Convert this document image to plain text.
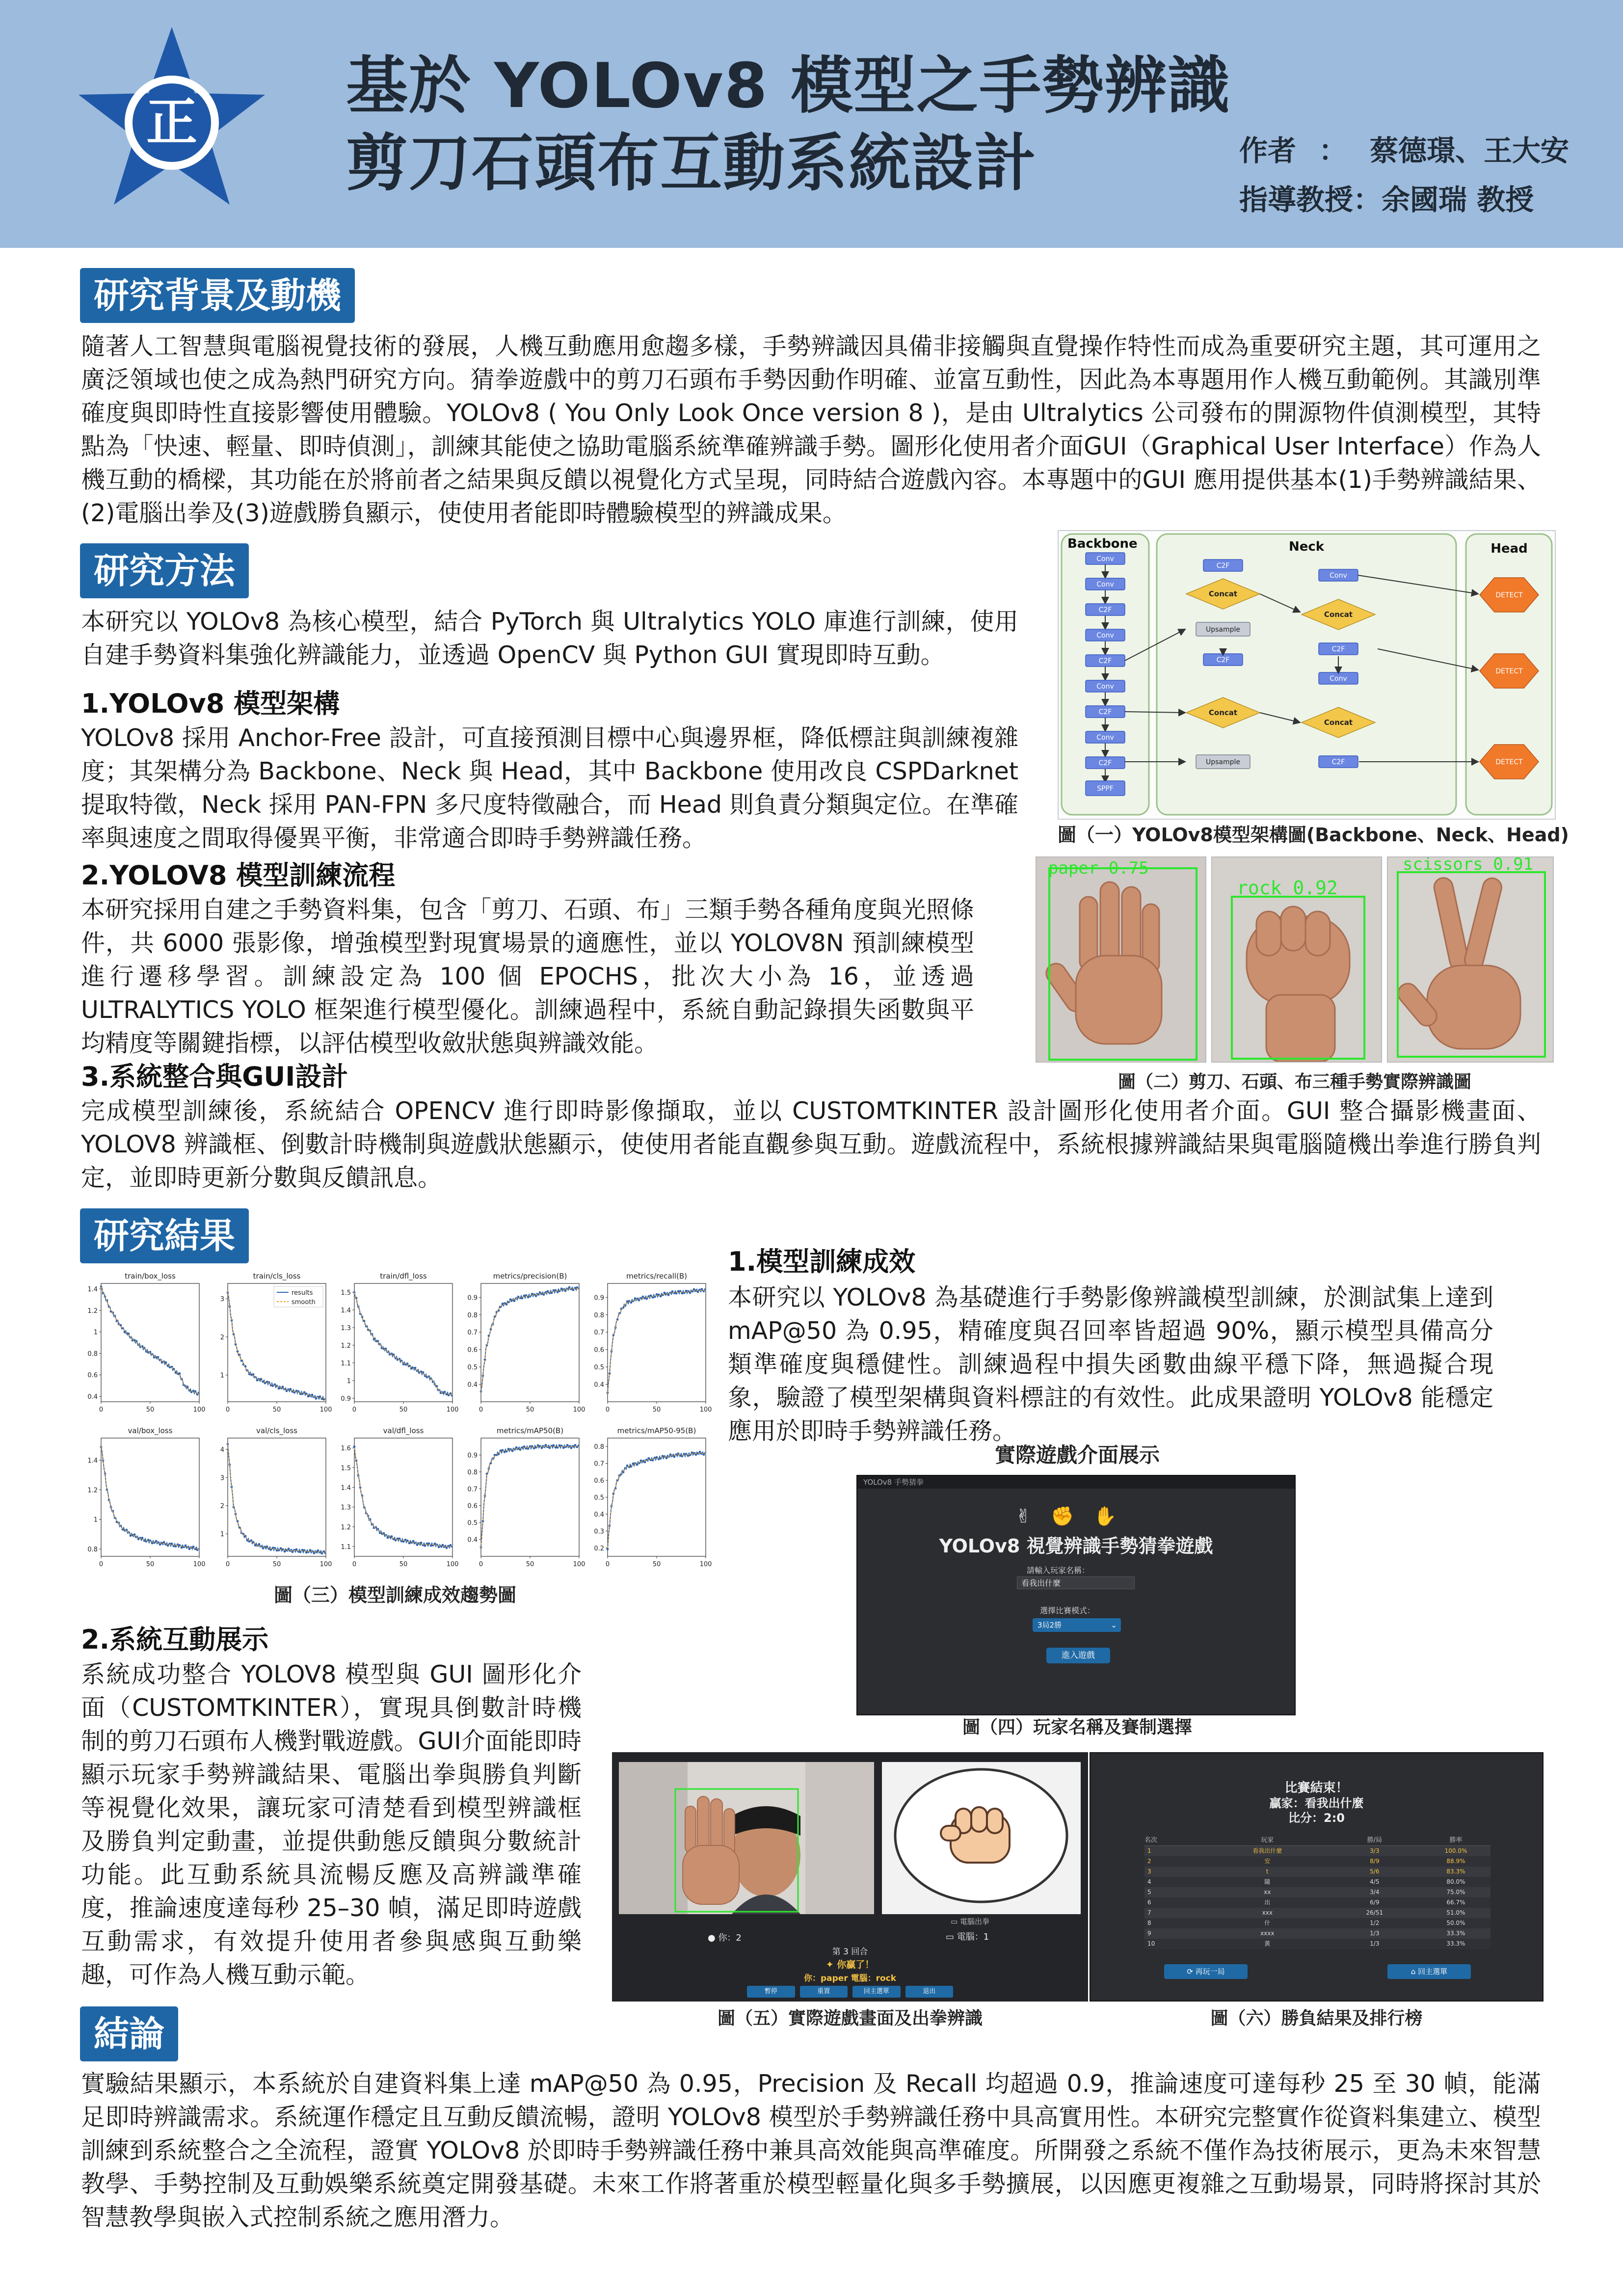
正
基於 YOLOv8 模型之手勢辨識
剪刀石頭布互動系統設計	作者 ： 蔡德璟、王大安
指導教授：余國瑞 教授
研究背景及動機
隨著人工智慧與電腦視覺技術的發展，人機互動應用愈趨多樣，手勢辨識因具備非接觸與直覺操作特性而成為重要研究主題，其可運用之廣泛領域也使之成為熱門研究方向。猜拳遊戲中的剪刀石頭布手勢因動作明確、並富互動性，因此為本專題用作人機互動範例。其識別準確度與即時性直接影響使用體驗。YOLOv8 ( You Only Look Once version 8 )，是由 Ultralytics 公司發布的開源物件偵測模型，其特點為「快速、輕量、即時偵測」，訓練其能使之協助電腦系統準確辨識手勢。圖形化使用者介面GUI（Graphical User Interface）作為人機互動的橋樑，其功能在於將前者之結果與反饋以視覺化方式呈現，同時結合遊戲內容。本專題中的GUI 應用提供基本(1)手勢辨識結果、(2)電腦出拳及(3)遊戲勝負顯示，使使用者能即時體驗模型的辨識成果。
研究方法
本研究以 YOLOv8 為核心模型，結合 PyTorch 與 Ultralytics YOLO 庫進行訓練，使用自建手勢資料集強化辨識能力，並透過 OpenCV 與 Python GUI 實現即時互動。
1.YOLOv8 模型架構
YOLOv8 採用 Anchor-Free 設計，可直接預測目標中心與邊界框，降低標註與訓練複雜度；其架構分為 Backbone、Neck 與 Head，其中 Backbone 使用改良 CSPDarknet 提取特徵，Neck 採用 PAN-FPN 多尺度特徵融合，而 Head 則負責分類與定位。在準確率與速度之間取得優異平衡，非常適合即時手勢辨識任務。
2.YOLOV8 模型訓練流程
本研究採用自建之手勢資料集，包含「剪刀、石頭、布」三類手勢各種角度與光照條件，共 6000 張影像，增強模型對現實場景的適應性，並以 YOLOV8N 預訓練模型進行遷移學習。訓練設定為 100 個 EPOCHS，批次大小為 16，並透過 ULTRALYTICS YOLO 框架進行模型優化。訓練過程中，系統自動記錄損失函數與平均精度等關鍵指標，以評估模型收斂狀態與辨識效能。
3.系統整合與GUI設計
完成模型訓練後，系統結合 OPENCV 進行即時影像擷取，並以 CUSTOMTKINTER 設計圖形化使用者介面。GUI 整合攝影機畫面、YOLOV8 辨識框、倒數計時機制與遊戲狀態顯示，使使用者能直觀參與互動。遊戲流程中，系統根據辨識結果與電腦隨機出拳進行勝負判定，並即時更新分數與反饋訊息。
Backbone	Neck	Head
Conv
Conv
C2F
Conv
C2F
Conv
C2F
Conv
C2F
SPPF
C2F
Concat
Upsample
C2F
Concat
Upsample
Conv
Concat
C2F
Conv
Concat
C2F
DETECT
DETECT
DETECT
圖（一）YOLOv8模型架構圖(Backbone、Neck、Head)
paper 0.75
rock 0.92
scissors 0.91
圖（二）剪刀、石頭、布三種手勢實際辨識圖
研究結果
train/box_loss
0.4
0.6
0.8
1
1.2
1.4
0	50	100
train/cls_loss
1
2
3
0	50	100
results
smooth
train/dfl_loss
0.9
1
1.1
1.2
1.3
1.4
1.5
0	50	100
metrics/precision(B)
0.4
0.5
0.6
0.7
0.8
0.9
0	50	100
metrics/recall(B)
0.4
0.5
0.6
0.7
0.8
0.9
0	50	100
val/box_loss
0.8
1
1.2
1.4
0	50	100
val/cls_loss
1
2
3
4
0	50	100
val/dfl_loss
1.1
1.2
1.3
1.4
1.5
1.6
0	50	100
metrics/mAP50(B)
0.4
0.5
0.6
0.7
0.8
0.9
0	50	100
metrics/mAP50-95(B)
0.2
0.3
0.4
0.5
0.6
0.7
0.8
0	50	100
圖（三）模型訓練成效趨勢圖
1.模型訓練成效
本研究以 YOLOv8 為基礎進行手勢影像辨識模型訓練，於測試集上達到 mAP@50 為 0.95，精確度與召回率皆超過 90%，顯示模型具備高分類準確度與穩健性。訓練過程中損失函數曲線平穩下降，無過擬合現象，驗證了模型架構與資料標註的有效性。此成果證明 YOLOv8 能穩定應用於即時手勢辨識任務。
實際遊戲介面展示
YOLOv8 手勢猜拳
✌✊✋
YOLOv8 視覺辨識手勢猜拳遊戲
請輸入玩家名稱：
看我出什麼
選擇比賽模式：
3局2勝	⌄
進入遊戲
圖（四）玩家名稱及賽制選擇
2.系統互動展示
系統成功整合 YOLOV8 模型與 GUI 圖形化介面（CUSTOMTKINTER），實現具倒數計時機制的剪刀石頭布人機對戰遊戲。GUI介面能即時顯示玩家手勢辨識結果、電腦出拳與勝負判斷等視覺化效果，讓玩家可清楚看到模型辨識框及勝負判定動畫，並提供動態反饋與分數統計功能。此互動系統具流暢反應及高辨識準確度，推論速度達每秒 25–30 幀，滿足即時遊戲互動需求，有效提升使用者參與感與互動樂趣，可作為人機互動示範。
▭ 電腦出拳
● 你：2	▭ 電腦：1
第 3 回合
✦ 你贏了！
你：paper 電腦：rock
暫停	重置	回主選單	退出
圖（五）實際遊戲畫面及出拳辨識
比賽結束！
贏家：看我出什麼
比分：2:0
名次	玩家	勝/局	勝率
1	看我出什麼	3/3	100.0%
2	安	8/9	88.9%
3	t	5/6	83.3%
4	隨	4/5	80.0%
5	xx	3/4	75.0%
6	出	6/9	66.7%
7	xxx	26/51	51.0%
8	什	1/2	50.0%
9	xxxx	1/3	33.3%
10	黃	1/3	33.3%
⟳ 再玩一局	⌂ 回主選單
圖（六）勝負結果及排行榜
結論
實驗結果顯示，本系統於自建資料集上達 mAP@50 為 0.95，Precision 及 Recall 均超過 0.9，推論速度可達每秒 25 至 30 幀，能滿足即時辨識需求。系統運作穩定且互動反饋流暢，證明 YOLOv8 模型於手勢辨識任務中具高實用性。本研究完整實作從資料集建立、模型訓練到系統整合之全流程，證實 YOLOv8 於即時手勢辨識任務中兼具高效能與高準確度。所開發之系統不僅作為技術展示，更為未來智慧教學、手勢控制及互動娛樂系統奠定開發基礎。未來工作將著重於模型輕量化與多手勢擴展，以因應更複雜之互動場景，同時將探討其於智慧教學與嵌入式控制系統之應用潛力。
